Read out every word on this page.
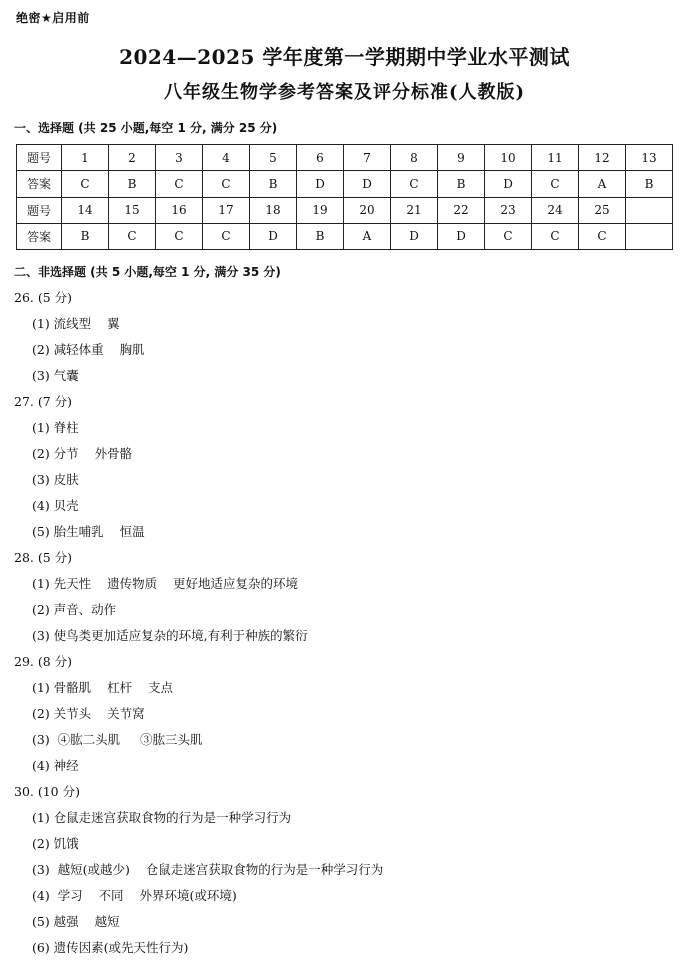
绝密★启用前
2024—2025 学年度第一学期期中学业水平测试
八年级生物学参考答案及评分标准(人教版)
一、选择题 (共 25 小题,每空 1 分, 满分 25 分)
题号	1	2	3	4	5	6	7	8	9	10	11	12	13
答案	C	B	C	C	B	D	D	C	B	D	C	A	B
题号	14	15	16	17	18	19	20	21	22	23	24	25	
答案	B	C	C	C	D	B	A	D	D	C	C	C	
二、非选择题 (共 5 小题,每空 1 分, 满分 35 分)
26. (5 分)
(1) 流线型    翼
(2) 减轻体重    胸肌
(3) 气囊
27. (7 分)
(1) 脊柱
(2) 分节    外骨骼
(3) 皮肤
(4) 贝壳
(5) 胎生哺乳    恒温
28. (5 分)
(1) 先天性    遗传物质    更好地适应复杂的环境
(2) 声音、动作
(3) 使鸟类更加适应复杂的环境,有利于种族的繁衍
29. (8 分)
(1) 骨骼肌    杠杆    支点
(2) 关节头    关节窝
(3)  ④肱二头肌     ③肱三头肌
(4) 神经
30. (10 分)
(1) 仓鼠走迷宫获取食物的行为是一种学习行为
(2) 饥饿
(3)  越短(或越少)    仓鼠走迷宫获取食物的行为是一种学习行为
(4)  学习    不同    外界环境(或环境)
(5) 越强    越短
(6) 遗传因素(或先天性行为)
